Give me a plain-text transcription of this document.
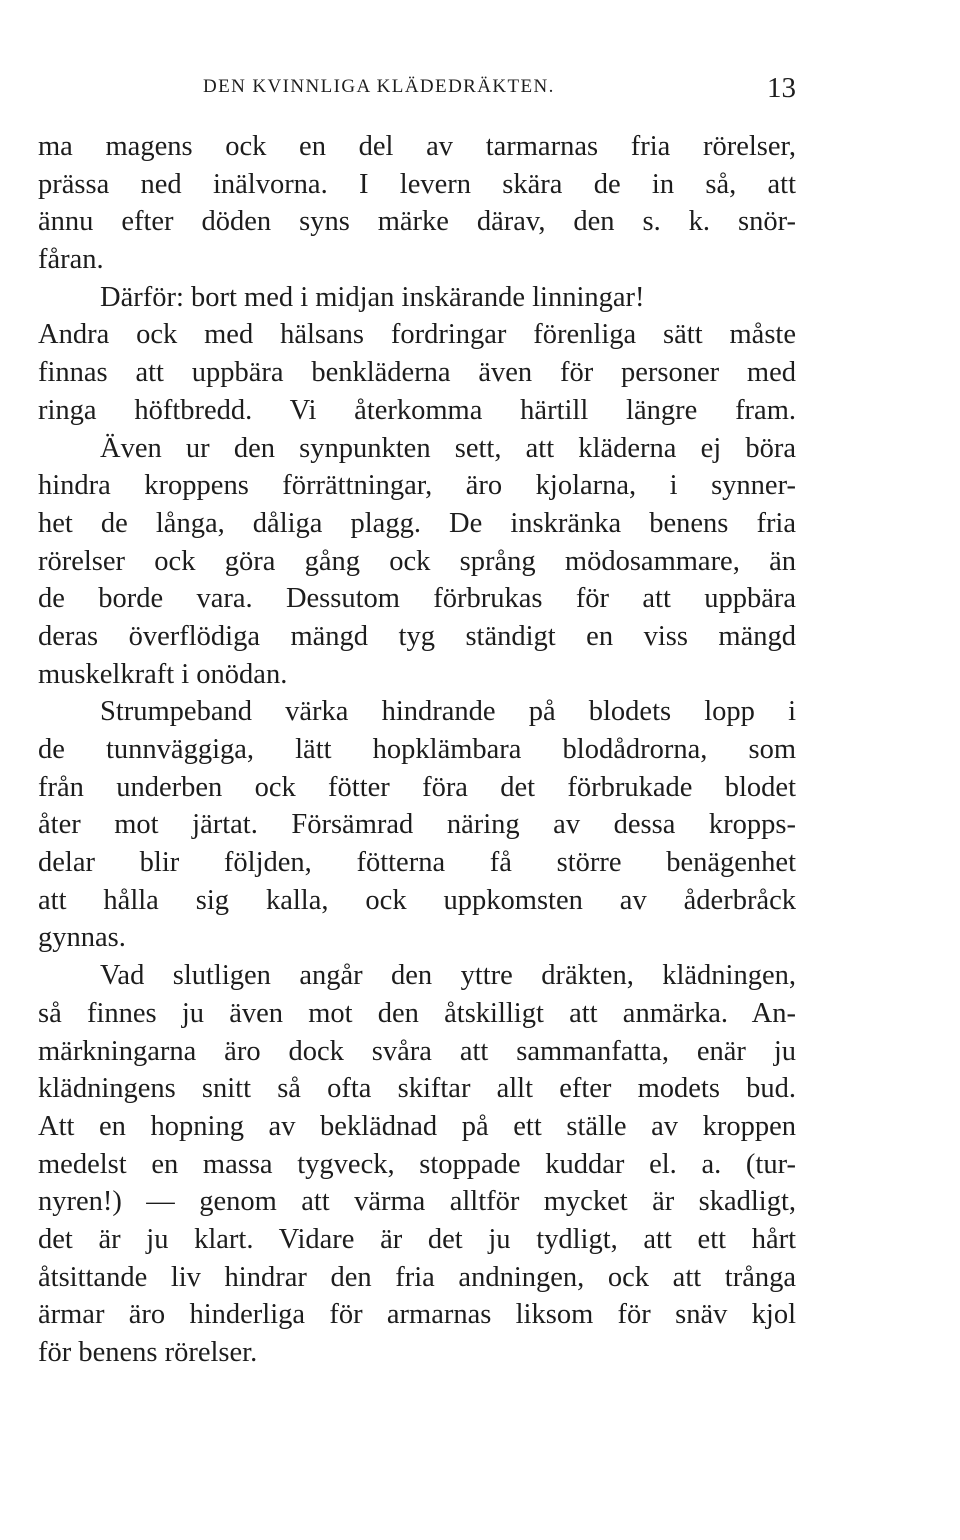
DEN KVINNLIGA KLÄDEDRÄKTEN.	13
ma magens ock en del av tarmarnas fria rörelser,
prässa ned inälvorna. I levern skära de in så, att
ännu efter döden syns märke därav, den s. k. snör-
fåran.
Därför: bort med i midjan inskärande linningar!
Andra ock med hälsans fordringar förenliga sätt måste
finnas att uppbära benkläderna även för personer med
ringa höftbredd. Vi återkomma härtill längre fram.
Även ur den synpunkten sett, att kläderna ej böra
hindra kroppens förrättningar, äro kjolarna, i synner-
het de långa, dåliga plagg. De inskränka benens fria
rörelser ock göra gång ock språng mödosammare, än
de borde vara. Dessutom förbrukas för att uppbära
deras överflödiga mängd tyg ständigt en viss mängd
muskelkraft i onödan.
Strumpeband värka hindrande på blodets lopp i
de tunnväggiga, lätt hopklämbara blodådrorna, som
från underben ock fötter föra det förbrukade blodet
åter mot järtat. Försämrad näring av dessa kropps-
delar blir följden, fötterna få större benägenhet
att hålla sig kalla, ock uppkomsten av åderbråck
gynnas.
Vad slutligen angår den yttre dräkten, klädningen,
så finnes ju även mot den åtskilligt att anmärka. An-
märkningarna äro dock svåra att sammanfatta, enär ju
klädningens snitt så ofta skiftar allt efter modets bud.
Att en hopning av beklädnad på ett ställe av kroppen
medelst en massa tygveck, stoppade kuddar el. a. (tur-
nyren!) — genom att värma alltför mycket är skadligt,
det är ju klart. Vidare är det ju tydligt, att ett hårt
åtsittande liv hindrar den fria andningen, ock att trånga
ärmar äro hinderliga för armarnas liksom för snäv kjol
för benens rörelser.
